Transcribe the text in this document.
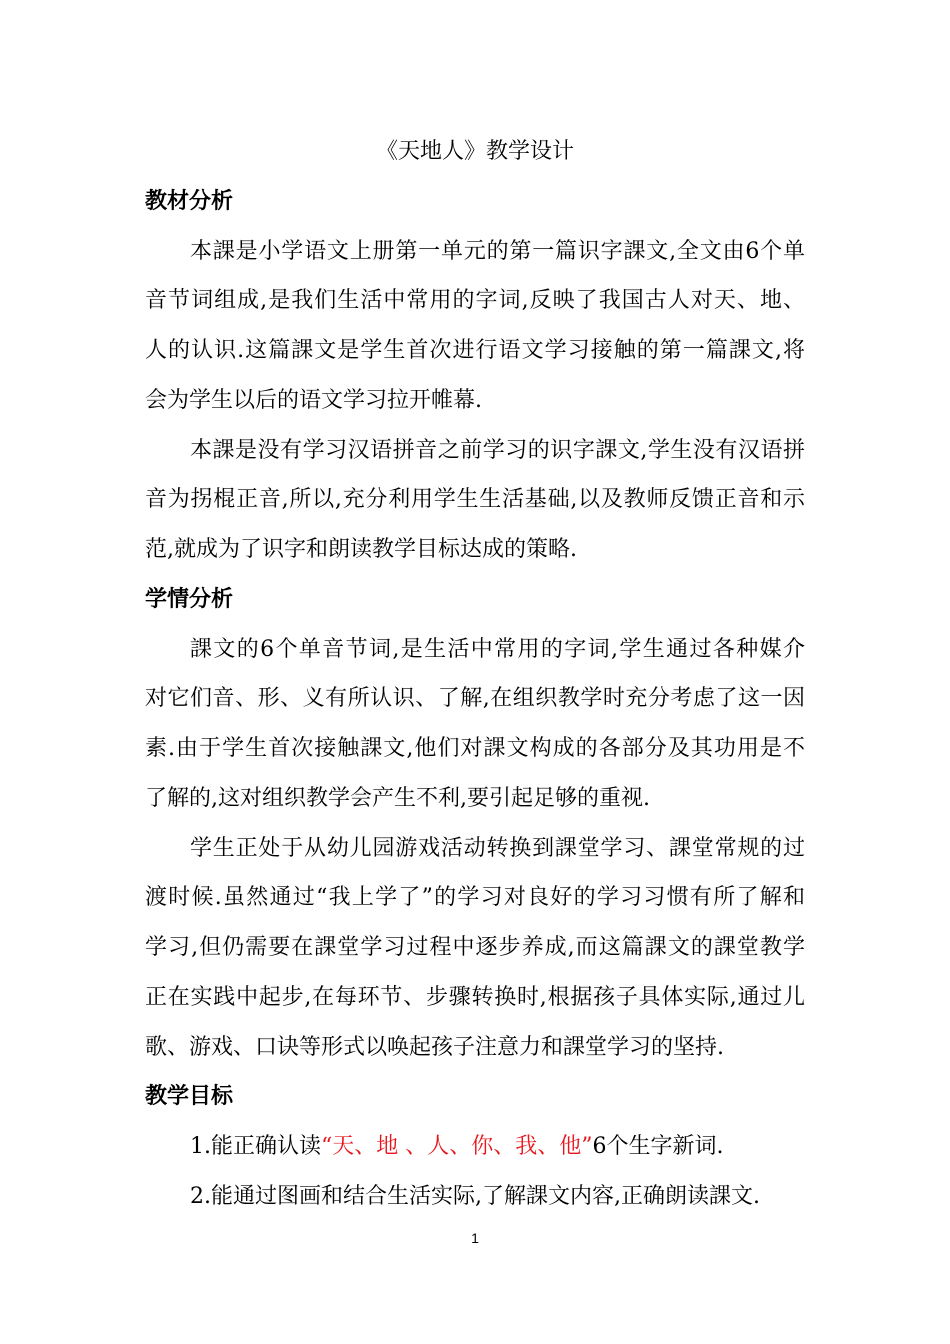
《天地人》教学设计
教材分析
本課是小学语文上册第一单元的第一篇识字課文,全文由6个单
音节词组成,是我们生活中常用的字词,反映了我国古人对天、地、
人的认识.这篇課文是学生首次进行语文学习接触的第一篇課文,将
会为学生以后的语文学习拉开帷幕.
本課是没有学习汉语拼音之前学习的识字課文,学生没有汉语拼
音为拐棍正音,所以,充分利用学生生活基础,以及教师反馈正音和示
范,就成为了识字和朗读教学目标达成的策略.
学情分析
課文的6个单音节词,是生活中常用的字词,学生通过各种媒介
对它们音、形、义有所认识、了解,在组织教学时充分考虑了这一因
素.由于学生首次接触課文,他们对課文构成的各部分及其功用是不
了解的,这对组织教学会产生不利,要引起足够的重视.
学生正处于从幼儿园游戏活动转换到課堂学习、課堂常规的过
渡时候.虽然通过“我上学了”的学习对良好的学习习惯有所了解和
学习,但仍需要在課堂学习过程中逐步养成,而这篇課文的課堂教学
正在实践中起步,在每环节、步骤转换时,根据孩子具体实际,通过儿
歌、游戏、口诀等形式以唤起孩子注意力和課堂学习的坚持.
教学目标
1.能正确认读“天、地 、人、你、我、他”6个生字新词.
2.能通过图画和结合生活实际,了解課文内容,正确朗读課文.
1
